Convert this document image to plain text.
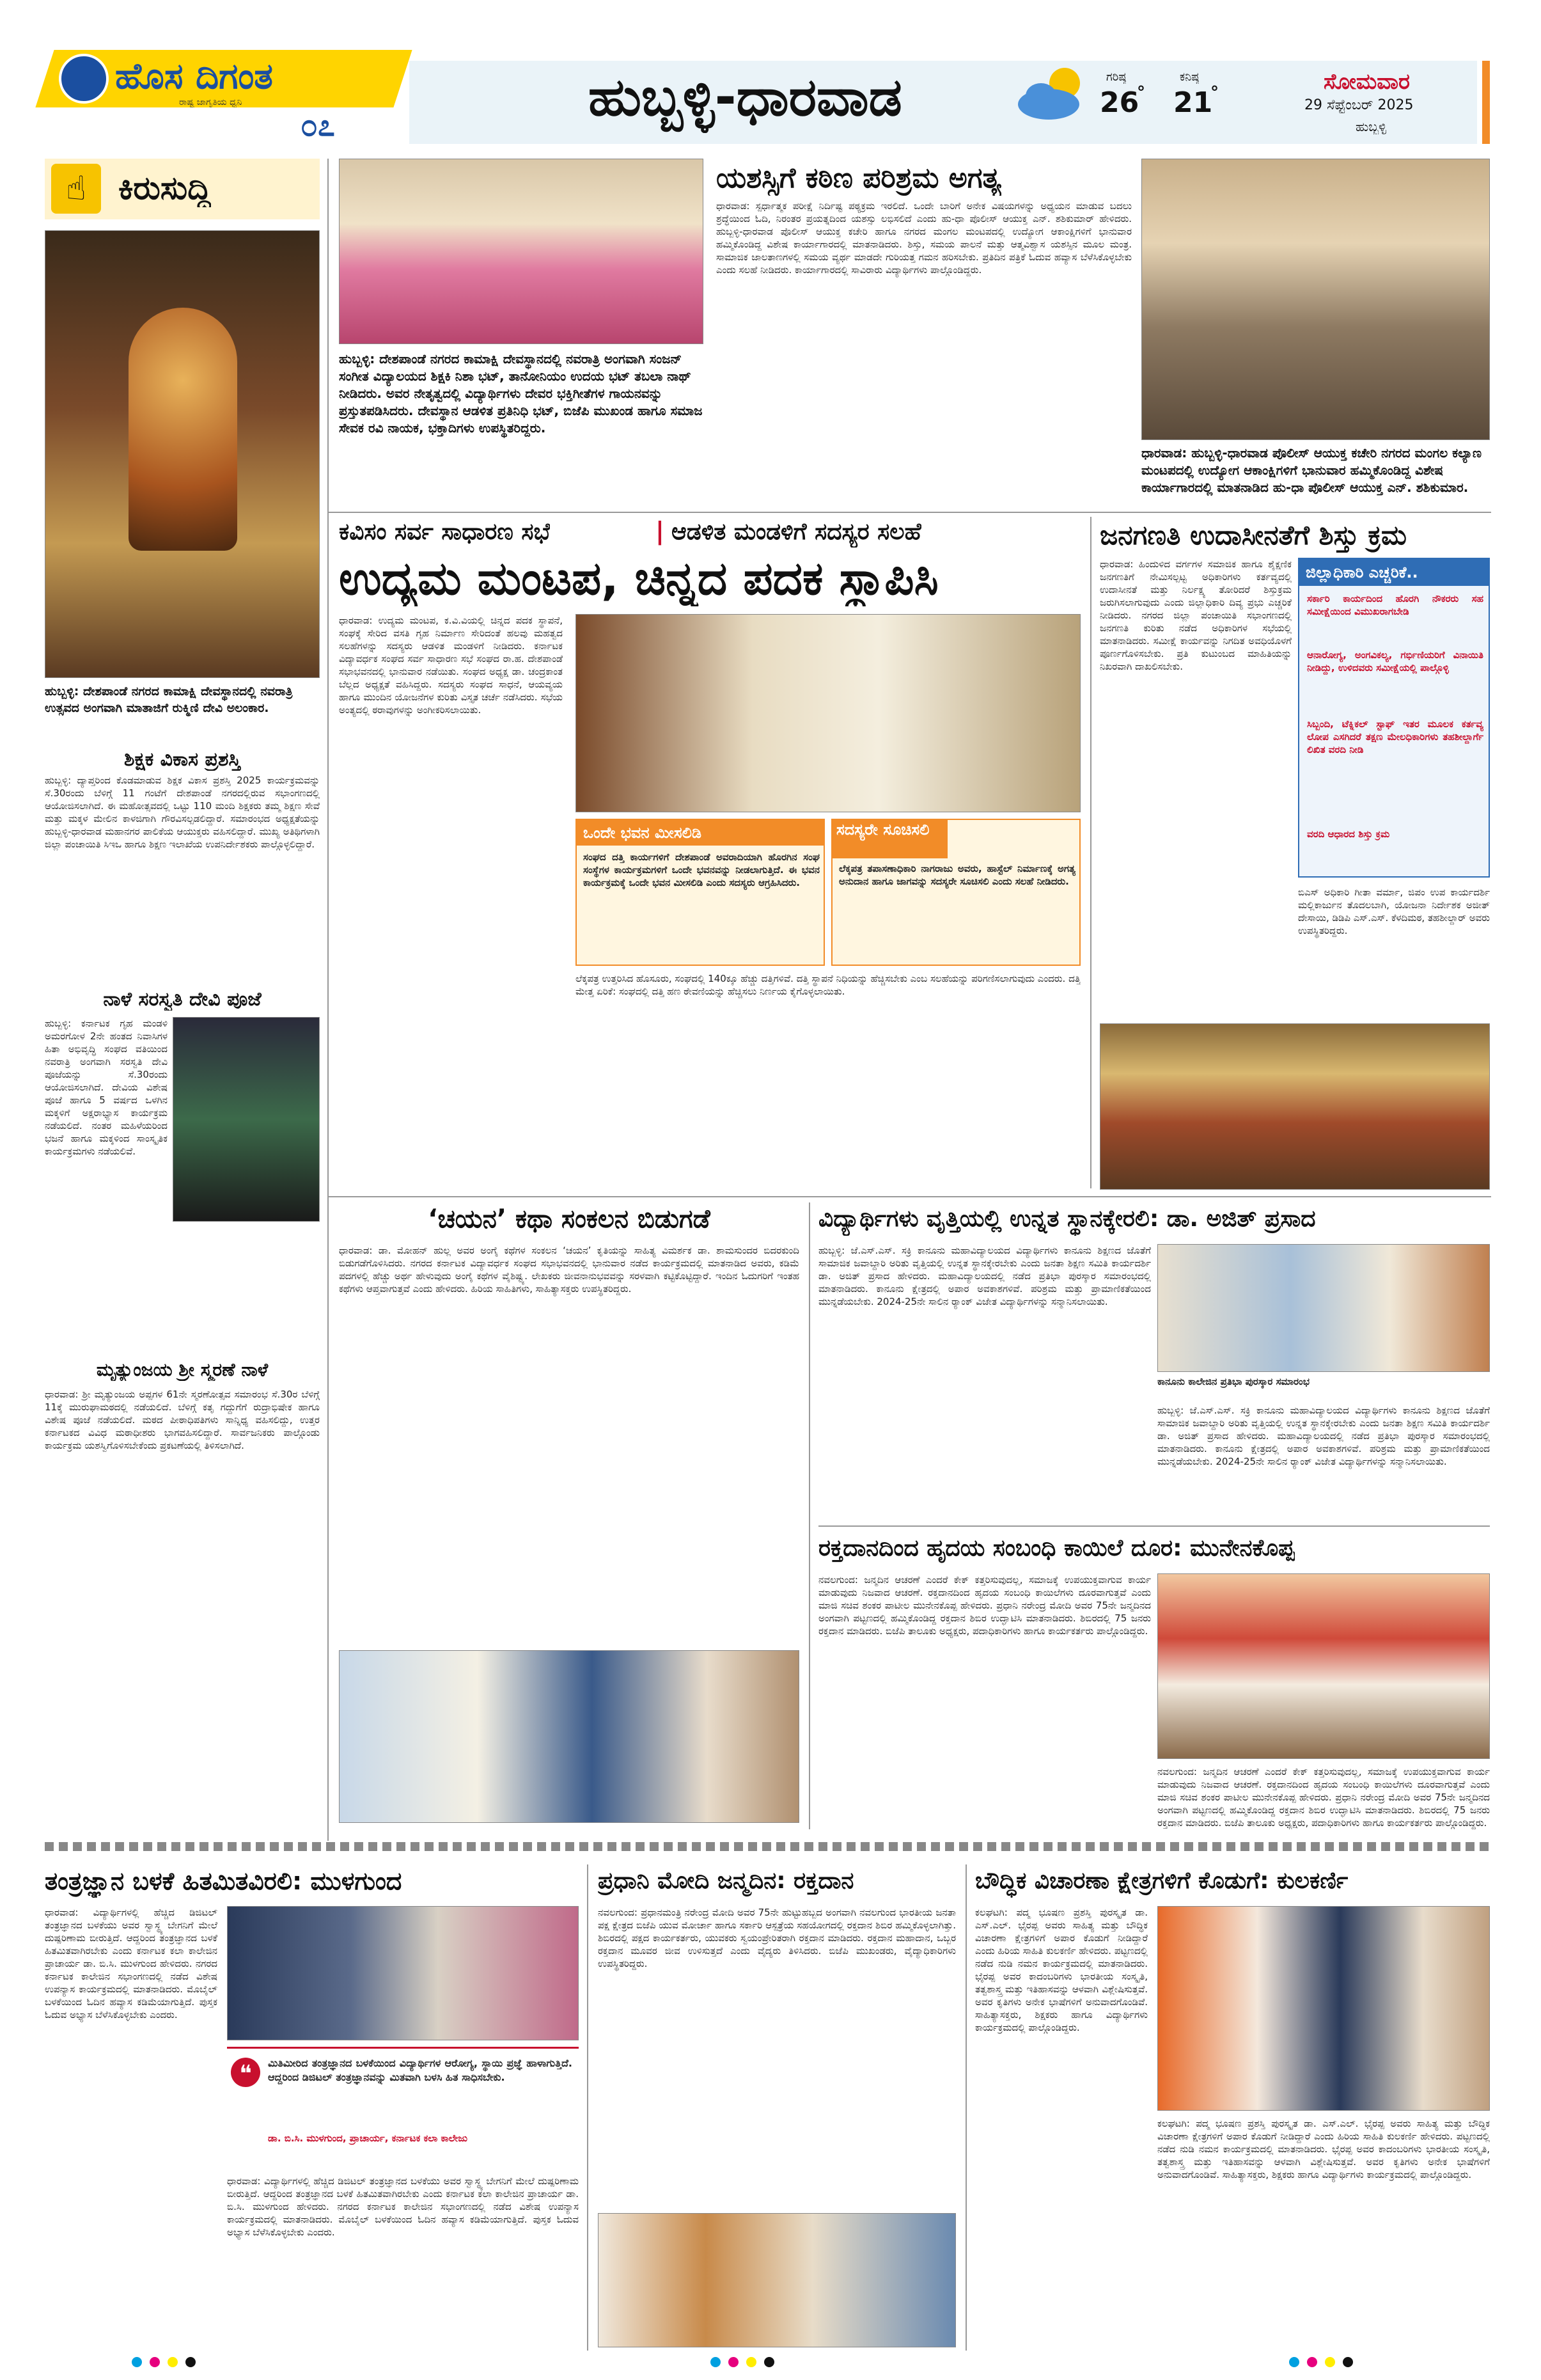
ಹೊಸ ದಿಗಂತ
ರಾಷ್ಟ್ರ ಜಾಗೃತಿಯ ಧ್ವನಿ
೦೭	ಹುಬ್ಬಳ್ಳಿ-ಧಾರವಾಡ	ಗರಿಷ್ಠ
26
°
ಕನಿಷ್ಠ
21
°	ಸೋಮವಾರ
29 ಸೆಪ್ಟೆಂಬರ್ 2025
ಹುಬ್ಬಳ್ಳಿ
☝	ಕಿರುಸುದ್ದಿ
ಹುಬ್ಬಳ್ಳಿ: ದೇಶಪಾಂಡೆ ನಗರದ ಕಾಮಾಕ್ಷಿ ದೇವಸ್ಥಾನದಲ್ಲಿ ನವರಾತ್ರಿ ಉತ್ಸವದ ಅಂಗವಾಗಿ ಮಾತಾಜಿಗೆ ರುಕ್ಮಿಣಿ ದೇವಿ ಅಲಂಕಾರ.
ಶಿಕ್ಷಕ ವಿಕಾಸ ಪ್ರಶಸ್ತಿ
ಹುಬ್ಬಳ್ಳಿ: ದ್ಯಾಪ್ತರಿಂದ ಕೊಡಮಾಡುವ ಶಿಕ್ಷಕ ವಿಕಾಸ ಪ್ರಶಸ್ತಿ 2025 ಕಾರ್ಯಕ್ರಮವನ್ನು ಸೆ.30ರಂದು ಬೆಳಿಗ್ಗೆ 11 ಗಂಟೆಗೆ ದೇಶಪಾಂಡೆ ನಗರದಲ್ಲಿರುವ ಸಭಾಂಗಣದಲ್ಲಿ ಆಯೋಜಿಸಲಾಗಿದೆ. ಈ ಮಹೋತ್ಸವದಲ್ಲಿ ಒಟ್ಟು 110 ಮಂದಿ ಶಿಕ್ಷಕರು ತಮ್ಮ ಶಿಕ್ಷಣ ಸೇವೆ ಮತ್ತು ಮಕ್ಕಳ ಮೇಲಿನ ಕಾಳಜಿಗಾಗಿ ಗೌರವಿಸಲ್ಪಡಲಿದ್ದಾರೆ. ಸಮಾರಂಭದ ಅಧ್ಯಕ್ಷತೆಯನ್ನು ಹುಬ್ಬಳ್ಳಿ-ಧಾರವಾಡ ಮಹಾನಗರ ಪಾಲಿಕೆಯ ಆಯುಕ್ತರು ವಹಿಸಲಿದ್ದಾರೆ. ಮುಖ್ಯ ಅತಿಥಿಗಳಾಗಿ ಜಿಲ್ಲಾ ಪಂಚಾಯಿತಿ ಸಿಇಒ ಹಾಗೂ ಶಿಕ್ಷಣ ಇಲಾಖೆಯ ಉಪನಿರ್ದೇಶಕರು ಪಾಲ್ಗೊಳ್ಳಲಿದ್ದಾರೆ.
ನಾಳೆ ಸರಸ್ವತಿ ದೇವಿ ಪೂಜೆ
ಹುಬ್ಬಳ್ಳಿ: ಕರ್ನಾಟಕ ಗೃಹ ಮಂಡಳಿ ಅಮರಗೋಳ 2ನೇ ಹಂತದ ನಿವಾಸಿಗಳ ಹಿತಾ ಅಭಿವೃದ್ಧಿ ಸಂಘದ ವತಿಯಿಂದ ನವರಾತ್ರಿ ಅಂಗವಾಗಿ ಸರಸ್ವತಿ ದೇವಿ ಪೂಜೆಯನ್ನು ಸೆ.30ರಂದು ಆಯೋಜಿಸಲಾಗಿದೆ. ದೇವಿಯ ವಿಶೇಷ ಪೂಜೆ ಹಾಗೂ 5 ವರ್ಷದ ಒಳಗಿನ ಮಕ್ಕಳಿಗೆ ಅಕ್ಷರಾಭ್ಯಾಸ ಕಾರ್ಯಕ್ರಮ ನಡೆಯಲಿದೆ. ನಂತರ ಮಹಿಳೆಯರಿಂದ ಭಜನೆ ಹಾಗೂ ಮಕ್ಕಳಿಂದ ಸಾಂಸ್ಕೃತಿಕ ಕಾರ್ಯಕ್ರಮಗಳು ನಡೆಯಲಿವೆ.
ಮೃತ್ಯುಂಜಯ ಶ್ರೀ ಸ್ಮರಣೆ ನಾಳೆ
ಧಾರವಾಡ: ಶ್ರೀ ಮೃತ್ಯುಂಜಯ ಅಪ್ಪಗಳ 61ನೇ ಸ್ಮರಣೋತ್ಸವ ಸಮಾರಂಭ ಸೆ.30ರ ಬೆಳಿಗ್ಗೆ 11ಕ್ಕೆ ಮುರುಘಾಮಠದಲ್ಲಿ ನಡೆಯಲಿದೆ. ಬೆಳಿಗ್ಗೆ ಕತೃ ಗದ್ದುಗೆಗೆ ರುದ್ರಾಭಿಷೇಕ ಹಾಗೂ ವಿಶೇಷ ಪೂಜೆ ನಡೆಯಲಿದೆ. ಮಠದ ಪೀಠಾಧಿಪತಿಗಳು ಸಾನ್ನಿಧ್ಯ ವಹಿಸಲಿದ್ದು, ಉತ್ತರ ಕರ್ನಾಟಕದ ವಿವಿಧ ಮಠಾಧೀಶರು ಭಾಗವಹಿಸಲಿದ್ದಾರೆ. ಸಾರ್ವಜನಿಕರು ಪಾಲ್ಗೊಂಡು ಕಾರ್ಯಕ್ರಮ ಯಶಸ್ವಿಗೊಳಿಸಬೇಕೆಂದು ಪ್ರಕಟಣೆಯಲ್ಲಿ ತಿಳಿಸಲಾಗಿದೆ.
ಹುಬ್ಬಳ್ಳಿ: ದೇಶಪಾಂಡೆ ನಗರದ ಕಾಮಾಕ್ಷಿ ದೇವಸ್ಥಾನದಲ್ಲಿ ನವರಾತ್ರಿ ಅಂಗವಾಗಿ ಸಂಜನ್ ಸಂಗೀತ ವಿದ್ಯಾಲಯದ ಶಿಕ್ಷಕಿ ನಿಶಾ ಭಟ್, ತಾನೋನಿಯಂ ಉದಯ ಭಟ್ ತಬಲಾ ನಾಥ್ ನೀಡಿದರು. ಅವರ ನೇತೃತ್ವದಲ್ಲಿ ವಿದ್ಯಾರ್ಥಿಗಳು ದೇವರ ಭಕ್ತಿಗೀತೆಗಳ ಗಾಯನವನ್ನು ಪ್ರಸ್ತುತಪಡಿಸಿದರು. ದೇವಸ್ಥಾನ ಆಡಳಿತ ಪ್ರತಿನಿಧಿ ಭಟ್, ಬಿಜೆಪಿ ಮುಖಂಡ ಹಾಗೂ ಸಮಾಜ ಸೇವಕ ರವಿ ನಾಯಕ, ಭಕ್ತಾದಿಗಳು ಉಪಸ್ಥಿತರಿದ್ದರು.
ಯಶಸ್ಸಿಗೆ ಕಠಿಣ ಪರಿಶ್ರಮ ಅಗತ್ಯ
ಧಾರವಾಡ: ಸ್ಪರ್ಧಾತ್ಮಕ ಪರೀಕ್ಷೆ ನಿರ್ದಿಷ್ಟ ಪಠ್ಯಕ್ರಮ ಇರಲಿದೆ. ಒಂದೇ ಬಾರಿಗೆ ಅನೇಕ ವಿಷಯಗಳನ್ನು ಅಧ್ಯಯನ ಮಾಡುವ ಬದಲು ಶ್ರದ್ಧೆಯಿಂದ ಓದಿ, ನಿರಂತರ ಪ್ರಯತ್ನದಿಂದ ಯಶಸ್ಸು ಲಭಿಸಲಿದೆ ಎಂದು ಹು-ಧಾ ಪೊಲೀಸ್ ಆಯುಕ್ತ ಎನ್. ಶಶಿಕುಮಾರ್ ಹೇಳಿದರು. ಹುಬ್ಬಳ್ಳಿ-ಧಾರವಾಡ ಪೊಲೀಸ್ ಆಯುಕ್ತ ಕಚೇರಿ ಹಾಗೂ ನಗರದ ಮಂಗಲ ಮಂಟಪದಲ್ಲಿ ಉದ್ಯೋಗ ಆಕಾಂಕ್ಷಿಗಳಿಗೆ ಭಾನುವಾರ ಹಮ್ಮಿಕೊಂಡಿದ್ದ ವಿಶೇಷ ಕಾರ್ಯಾಗಾರದಲ್ಲಿ ಮಾತನಾಡಿದರು. ಶಿಸ್ತು, ಸಮಯ ಪಾಲನೆ ಮತ್ತು ಆತ್ಮವಿಶ್ವಾಸ ಯಶಸ್ಸಿನ ಮೂಲ ಮಂತ್ರ. ಸಾಮಾಜಿಕ ಜಾಲತಾಣಗಳಲ್ಲಿ ಸಮಯ ವ್ಯರ್ಥ ಮಾಡದೇ ಗುರಿಯತ್ತ ಗಮನ ಹರಿಸಬೇಕು. ಪ್ರತಿದಿನ ಪತ್ರಿಕೆ ಓದುವ ಹವ್ಯಾಸ ಬೆಳೆಸಿಕೊಳ್ಳಬೇಕು ಎಂದು ಸಲಹೆ ನೀಡಿದರು. ಕಾರ್ಯಾಗಾರದಲ್ಲಿ ಸಾವಿರಾರು ವಿದ್ಯಾರ್ಥಿಗಳು ಪಾಲ್ಗೊಂಡಿದ್ದರು.
ಧಾರವಾಡ: ಹುಬ್ಬಳ್ಳಿ-ಧಾರವಾಡ ಪೊಲೀಸ್ ಆಯುಕ್ತ ಕಚೇರಿ ನಗರದ ಮಂಗಲ ಕಲ್ಯಾಣ ಮಂಟಪದಲ್ಲಿ ಉದ್ಯೋಗ ಆಕಾಂಕ್ಷಿಗಳಿಗೆ ಭಾನುವಾರ ಹಮ್ಮಿಕೊಂಡಿದ್ದ ವಿಶೇಷ ಕಾರ್ಯಾಗಾರದಲ್ಲಿ ಮಾತನಾಡಿದ ಹು-ಧಾ ಪೊಲೀಸ್ ಆಯುಕ್ತ ಎನ್. ಶಶಿಕುಮಾರ.
ಕವಿಸಂ ಸರ್ವ ಸಾಧಾರಣ ಸಭೆ	| ಆಡಳಿತ ಮಂಡಳಿಗೆ ಸದಸ್ಯರ ಸಲಹೆ
ಉದ್ಯಮ ಮಂಟಪ, ಚಿನ್ನದ ಪದಕ ಸ್ಥಾಪಿಸಿ
ಧಾರವಾಡ: ಉದ್ಯಮ ಮಂಟಪ, ಕ.ವಿ.ವಿಯಲ್ಲಿ ಚಿನ್ನದ ಪದಕ ಸ್ಥಾಪನೆ, ಸಂಘಕ್ಕೆ ಸೇರಿದ ವಸತಿ ಗೃಹ ನಿರ್ಮಾಣ ಸೇರಿದಂತೆ ಹಲವು ಮಹತ್ವದ ಸಲಹೆಗಳನ್ನು ಸದಸ್ಯರು ಆಡಳಿತ ಮಂಡಳಿಗೆ ನೀಡಿದರು. ಕರ್ನಾಟಕ ವಿದ್ಯಾವರ್ಧಕ ಸಂಘದ ಸರ್ವ ಸಾಧಾರಣ ಸಭೆ ಸಂಘದ ರಾ.ಹ. ದೇಶಪಾಂಡೆ ಸಭಾಭವನದಲ್ಲಿ ಭಾನುವಾರ ನಡೆಯಿತು. ಸಂಘದ ಅಧ್ಯಕ್ಷ ಡಾ. ಚಂದ್ರಕಾಂತ ಬೆಲ್ಲದ ಅಧ್ಯಕ್ಷತೆ ವಹಿಸಿದ್ದರು. ಸದಸ್ಯರು ಸಂಘದ ಸಾಧನೆ, ಆಯವ್ಯಯ ಹಾಗೂ ಮುಂದಿನ ಯೋಜನೆಗಳ ಕುರಿತು ವಿಸ್ತೃತ ಚರ್ಚೆ ನಡೆಸಿದರು. ಸಭೆಯ ಅಂತ್ಯದಲ್ಲಿ ಠರಾವುಗಳನ್ನು ಅಂಗೀಕರಿಸಲಾಯಿತು.
ಒಂದೇ ಭವನ ಮೀಸಲಿಡಿ
ಸಂಘದ ದತ್ತಿ ಕಾರ್ಯಗಳಿಗೆ ದೇಶಪಾಂಡೆ ಅವರಾದಿಯಾಗಿ ಹೊರಗಿನ ಸಂಘ ಸಂಸ್ಥೆಗಳ ಕಾರ್ಯಕ್ರಮಗಳಿಗೆ ಒಂದೇ ಭವನವನ್ನು ನೀಡಲಾಗುತ್ತಿದೆ. ಈ ಭವನ ಕಾರ್ಯಕ್ರಮಕ್ಕೆ ಒಂದೇ ಭವನ ಮೀಸಲಿಡಿ ಎಂದು ಸದಸ್ಯರು ಆಗ್ರಹಿಸಿದರು.
ಸದಸ್ಯರೇ ಸೂಚಿಸಲಿ
ಲೆಕ್ಕಪತ್ರ ತಪಾಸಣಾಧಿಕಾರಿ ನಾಗರಾಜು ಅವರು, ಹಾಸ್ಟೆಲ್ ನಿರ್ಮಾಣಕ್ಕೆ ಅಗತ್ಯ ಅನುದಾನ ಹಾಗೂ ಜಾಗವನ್ನು ಸದಸ್ಯರೇ ಸೂಚಿಸಲಿ ಎಂದು ಸಲಹೆ ನೀಡಿದರು.
ಲೆಕ್ಕಪತ್ರ ಉತ್ತರಿಸಿದ ಹೊಸೂರು, ಸಂಘದಲ್ಲಿ 140ಕ್ಕೂ ಹೆಚ್ಚು ದತ್ತಿಗಳಿವೆ. ದತ್ತಿ ಸ್ಥಾಪನೆ ನಿಧಿಯನ್ನು ಹೆಚ್ಚಿಸಬೇಕು ಎಂಬ ಸಲಹೆಯನ್ನು ಪರಿಗಣಿಸಲಾಗುವುದು ಎಂದರು. ದತ್ತಿ ಮೇತ್ತ ಏರಿಕೆ: ಸಂಘದಲ್ಲಿ ದತ್ತಿ ಹಣ ಠೇವಣಿಯನ್ನು ಹೆಚ್ಚಿಸಲು ನಿರ್ಣಯ ಕೈಗೊಳ್ಳಲಾಯಿತು.
ಜನಗಣತಿ ಉದಾಸೀನತೆಗೆ ಶಿಸ್ತು ಕ್ರಮ
ಧಾರವಾಡ: ಹಿಂದುಳಿದ ವರ್ಗಗಳ ಸಮಾಜಿಕ ಹಾಗೂ ಶೈಕ್ಷಣಿಕ ಜನಗಣತಿಗೆ ನೇಮಿಸಲ್ಪಟ್ಟ ಅಧಿಕಾರಿಗಳು ಕರ್ತವ್ಯದಲ್ಲಿ ಉದಾಸೀನತೆ ಮತ್ತು ನಿರ್ಲಕ್ಷ್ಯ ತೋರಿದರೆ ಶಿಸ್ತುಕ್ರಮ ಜರುಗಿಸಲಾಗುವುದು ಎಂದು ಜಿಲ್ಲಾಧಿಕಾರಿ ದಿವ್ಯ ಪ್ರಭು ಎಚ್ಚರಿಕೆ ನೀಡಿದರು. ನಗರದ ಜಿಲ್ಲಾ ಪಂಚಾಯಿತಿ ಸಭಾಂಗಣದಲ್ಲಿ ಜನಗಣತಿ ಕುರಿತು ನಡೆದ ಅಧಿಕಾರಿಗಳ ಸಭೆಯಲ್ಲಿ ಮಾತನಾಡಿದರು. ಸಮೀಕ್ಷೆ ಕಾರ್ಯವನ್ನು ನಿಗದಿತ ಅವಧಿಯೊಳಗೆ ಪೂರ್ಣಗೊಳಿಸಬೇಕು. ಪ್ರತಿ ಕುಟುಂಬದ ಮಾಹಿತಿಯನ್ನು ನಿಖರವಾಗಿ ದಾಖಲಿಸಬೇಕು.
ಜಿಲ್ಲಾಧಿಕಾರಿ ಎಚ್ಚರಿಕೆ..
ಸರ್ಕಾರಿ ಕಾರ್ಯದಿಂದ ಹೊರಗಿ ನೌಕರರು ಸಹ ಸಮೀಕ್ಷೆಯಿಂದ ವಿಮುಖರಾಗಬೇಡಿ
ಆನಾರೋಗ್ಯ, ಅಂಗವಿಕಲ್ಯ, ಗರ್ಭಿಣಿಯರಿಗೆ ವಿನಾಯಿತಿ ನೀಡಿದ್ದು, ಉಳಿದವರು ಸಮೀಕ್ಷೆಯಲ್ಲಿ ಪಾಲ್ಗೊಳ್ಳಿ
ಸಿಬ್ಬಂದಿ, ಟೆಕ್ನಿಕಲ್ ಸ್ಟಾಫ್ ಇತರ ಮೂಲಕ ಕರ್ತವ್ಯ ಲೋಪ ಎಸಗಿದರೆ ತಕ್ಷಣ ಮೇಲಧಿಕಾರಿಗಳು ತಹಶೀಲ್ದಾರ್ಗೆ ಲಿಖಿತ ವರದಿ ನೀಡಿ
ವರದಿ ಆಧಾರದ ಶಿಸ್ತು ಕ್ರಮ
ಬಿಎಸ್ ಅಧಿಕಾರಿ ಗೀತಾ ವರ್ಮಾ, ಜಿಪಂ ಉಪ ಕಾರ್ಯದರ್ಶಿ ಮಲ್ಲಿಕಾರ್ಜುನ ತೊದಲಬಾಗಿ, ಯೋಜನಾ ನಿರ್ದೇಶಕ ಅಜೀತ್ ದೇಸಾಯಿ, ಡಿಡಿಪಿ ಎಸ್.ಎಸ್. ಕೆಳದಿಮಠ, ತಹಶೀಲ್ದಾರ್ ಅವರು ಉಪಸ್ಥಿತರಿದ್ದರು.
‘ಚಯನ’ ಕಥಾ ಸಂಕಲನ ಬಿಡುಗಡೆ
ಧಾರವಾಡ: ಡಾ. ಮೋಹನ್ ಹುಲ್ಲ ಅವರ ಅಂಗೈ ಕಥೆಗಳ ಸಂಕಲನ ‘ಚಯನ’ ಕೃತಿಯನ್ನು ಸಾಹಿತ್ಯ ವಿಮರ್ಶಕ ಡಾ. ಶಾಮಸುಂದರ ಬಿದರಕುಂದಿ ಬಿಡುಗಡೆಗೊಳಿಸಿದರು. ನಗರದ ಕರ್ನಾಟಕ ವಿದ್ಯಾವರ್ಧಕ ಸಂಘದ ಸಭಾಭವನದಲ್ಲಿ ಭಾನುವಾರ ನಡೆದ ಕಾರ್ಯಕ್ರಮದಲ್ಲಿ ಮಾತನಾಡಿದ ಅವರು, ಕಡಿಮೆ ಪದಗಳಲ್ಲಿ ಹೆಚ್ಚು ಅರ್ಥ ಹೇಳುವುದು ಅಂಗೈ ಕಥೆಗಳ ವೈಶಿಷ್ಟ್ಯ. ಲೇಖಕರು ಜೀವನಾನುಭವವನ್ನು ಸರಳವಾಗಿ ಕಟ್ಟಿಕೊಟ್ಟಿದ್ದಾರೆ. ಇಂದಿನ ಓದುಗರಿಗೆ ಇಂತಹ ಕಥೆಗಳು ಆಪ್ತವಾಗುತ್ತವೆ ಎಂದು ಹೇಳಿದರು. ಹಿರಿಯ ಸಾಹಿತಿಗಳು, ಸಾಹಿತ್ಯಾಸಕ್ತರು ಉಪಸ್ಥಿತರಿದ್ದರು.
ವಿದ್ಯಾರ್ಥಿಗಳು ವೃತ್ತಿಯಲ್ಲಿ ಉನ್ನತ ಸ್ಥಾನಕ್ಕೇರಲಿ: ಡಾ. ಅಜಿತ್ ಪ್ರಸಾದ
ಹುಬ್ಬಳ್ಳಿ: ಜೆ.ಎಸ್.ಎಸ್. ಸಕ್ರಿ ಕಾನೂನು ಮಹಾವಿದ್ಯಾಲಯದ ವಿದ್ಯಾರ್ಥಿಗಳು ಕಾನೂನು ಶಿಕ್ಷಣದ ಜೊತೆಗೆ ಸಾಮಾಜಿಕ ಜವಾಬ್ದಾರಿ ಅರಿತು ವೃತ್ತಿಯಲ್ಲಿ ಉನ್ನತ ಸ್ಥಾನಕ್ಕೇರಬೇಕು ಎಂದು ಜನತಾ ಶಿಕ್ಷಣ ಸಮಿತಿ ಕಾರ್ಯದರ್ಶಿ ಡಾ. ಅಜಿತ್ ಪ್ರಸಾದ ಹೇಳಿದರು. ಮಹಾವಿದ್ಯಾಲಯದಲ್ಲಿ ನಡೆದ ಪ್ರತಿಭಾ ಪುರಸ್ಕಾರ ಸಮಾರಂಭದಲ್ಲಿ ಮಾತನಾಡಿದರು. ಕಾನೂನು ಕ್ಷೇತ್ರದಲ್ಲಿ ಅಪಾರ ಅವಕಾಶಗಳಿವೆ. ಪರಿಶ್ರಮ ಮತ್ತು ಪ್ರಾಮಾಣಿಕತೆಯಿಂದ ಮುನ್ನಡೆಯಬೇಕು. 2024-25ನೇ ಸಾಲಿನ ರ್‍ಯಾಂಕ್ ವಿಜೇತ ವಿದ್ಯಾರ್ಥಿಗಳನ್ನು ಸನ್ಮಾನಿಸಲಾಯಿತು.
ಕಾನೂನು ಕಾಲೇಜಿನ ಪ್ರತಿಭಾ ಪುರಸ್ಕಾರ ಸಮಾರಂಭ
ಹುಬ್ಬಳ್ಳಿ: ಜೆ.ಎಸ್.ಎಸ್. ಸಕ್ರಿ ಕಾನೂನು ಮಹಾವಿದ್ಯಾಲಯದ ವಿದ್ಯಾರ್ಥಿಗಳು ಕಾನೂನು ಶಿಕ್ಷಣದ ಜೊತೆಗೆ ಸಾಮಾಜಿಕ ಜವಾಬ್ದಾರಿ ಅರಿತು ವೃತ್ತಿಯಲ್ಲಿ ಉನ್ನತ ಸ್ಥಾನಕ್ಕೇರಬೇಕು ಎಂದು ಜನತಾ ಶಿಕ್ಷಣ ಸಮಿತಿ ಕಾರ್ಯದರ್ಶಿ ಡಾ. ಅಜಿತ್ ಪ್ರಸಾದ ಹೇಳಿದರು. ಮಹಾವಿದ್ಯಾಲಯದಲ್ಲಿ ನಡೆದ ಪ್ರತಿಭಾ ಪುರಸ್ಕಾರ ಸಮಾರಂಭದಲ್ಲಿ ಮಾತನಾಡಿದರು. ಕಾನೂನು ಕ್ಷೇತ್ರದಲ್ಲಿ ಅಪಾರ ಅವಕಾಶಗಳಿವೆ. ಪರಿಶ್ರಮ ಮತ್ತು ಪ್ರಾಮಾಣಿಕತೆಯಿಂದ ಮುನ್ನಡೆಯಬೇಕು. 2024-25ನೇ ಸಾಲಿನ ರ್‍ಯಾಂಕ್ ವಿಜೇತ ವಿದ್ಯಾರ್ಥಿಗಳನ್ನು ಸನ್ಮಾನಿಸಲಾಯಿತು.
ರಕ್ತದಾನದಿಂದ ಹೃದಯ ಸಂಬಂಧಿ ಕಾಯಿಲೆ ದೂರ: ಮುನೇನಕೊಪ್ಪ
ನವಲಗುಂದ: ಜನ್ಮದಿನ ಆಚರಣೆ ಎಂದರೆ ಕೇಕ್ ಕತ್ತರಿಸುವುದಲ್ಲ, ಸಮಾಜಕ್ಕೆ ಉಪಯುಕ್ತವಾಗುವ ಕಾರ್ಯ ಮಾಡುವುದು ನಿಜವಾದ ಆಚರಣೆ. ರಕ್ತದಾನದಿಂದ ಹೃದಯ ಸಂಬಂಧಿ ಕಾಯಿಲೆಗಳು ದೂರವಾಗುತ್ತವೆ ಎಂದು ಮಾಜಿ ಸಚಿವ ಶಂಕರ ಪಾಟೀಲ ಮುನೇನಕೊಪ್ಪ ಹೇಳಿದರು. ಪ್ರಧಾನಿ ನರೇಂದ್ರ ಮೋದಿ ಅವರ 75ನೇ ಜನ್ಮದಿನದ ಅಂಗವಾಗಿ ಪಟ್ಟಣದಲ್ಲಿ ಹಮ್ಮಿಕೊಂಡಿದ್ದ ರಕ್ತದಾನ ಶಿಬಿರ ಉದ್ಘಾಟಿಸಿ ಮಾತನಾಡಿದರು. ಶಿಬಿರದಲ್ಲಿ 75 ಜನರು ರಕ್ತದಾನ ಮಾಡಿದರು. ಬಿಜೆಪಿ ತಾಲೂಕು ಅಧ್ಯಕ್ಷರು, ಪದಾಧಿಕಾರಿಗಳು ಹಾಗೂ ಕಾರ್ಯಕರ್ತರು ಪಾಲ್ಗೊಂಡಿದ್ದರು.
ನವಲಗುಂದ: ಜನ್ಮದಿನ ಆಚರಣೆ ಎಂದರೆ ಕೇಕ್ ಕತ್ತರಿಸುವುದಲ್ಲ, ಸಮಾಜಕ್ಕೆ ಉಪಯುಕ್ತವಾಗುವ ಕಾರ್ಯ ಮಾಡುವುದು ನಿಜವಾದ ಆಚರಣೆ. ರಕ್ತದಾನದಿಂದ ಹೃದಯ ಸಂಬಂಧಿ ಕಾಯಿಲೆಗಳು ದೂರವಾಗುತ್ತವೆ ಎಂದು ಮಾಜಿ ಸಚಿವ ಶಂಕರ ಪಾಟೀಲ ಮುನೇನಕೊಪ್ಪ ಹೇಳಿದರು. ಪ್ರಧಾನಿ ನರೇಂದ್ರ ಮೋದಿ ಅವರ 75ನೇ ಜನ್ಮದಿನದ ಅಂಗವಾಗಿ ಪಟ್ಟಣದಲ್ಲಿ ಹಮ್ಮಿಕೊಂಡಿದ್ದ ರಕ್ತದಾನ ಶಿಬಿರ ಉದ್ಘಾಟಿಸಿ ಮಾತನಾಡಿದರು. ಶಿಬಿರದಲ್ಲಿ 75 ಜನರು ರಕ್ತದಾನ ಮಾಡಿದರು. ಬಿಜೆಪಿ ತಾಲೂಕು ಅಧ್ಯಕ್ಷರು, ಪದಾಧಿಕಾರಿಗಳು ಹಾಗೂ ಕಾರ್ಯಕರ್ತರು ಪಾಲ್ಗೊಂಡಿದ್ದರು.
ತಂತ್ರಜ್ಞಾನ ಬಳಕೆ ಹಿತಮಿತವಿರಲಿ: ಮುಳಗುಂದ
ಧಾರವಾಡ: ವಿದ್ಯಾರ್ಥಿಗಳಲ್ಲಿ ಹೆಚ್ಚಿದ ಡಿಜಿಟಲ್ ತಂತ್ರಜ್ಞಾನದ ಬಳಕೆಯು ಅವರ ಸ್ವಾಸ್ಥ್ಯ ಬೇಗನಿಗೆ ಮೇಲೆ ದುಷ್ಪರಿಣಾಮ ಬೀರುತ್ತಿದೆ. ಆದ್ದರಿಂದ ತಂತ್ರಜ್ಞಾನದ ಬಳಕೆ ಹಿತಮಿತವಾಗಿರಬೇಕು ಎಂದು ಕರ್ನಾಟಕ ಕಲಾ ಕಾಲೇಜಿನ ಪ್ರಾಚಾರ್ಯ ಡಾ. ಬಿ.ಸಿ. ಮುಳಗುಂದ ಹೇಳಿದರು. ನಗರದ ಕರ್ನಾಟಕ ಕಾಲೇಜಿನ ಸಭಾಂಗಣದಲ್ಲಿ ನಡೆದ ವಿಶೇಷ ಉಪನ್ಯಾಸ ಕಾರ್ಯಕ್ರಮದಲ್ಲಿ ಮಾತನಾಡಿದರು. ಮೊಬೈಲ್ ಬಳಕೆಯಿಂದ ಓದಿನ ಹವ್ಯಾಸ ಕಡಿಮೆಯಾಗುತ್ತಿದೆ. ಪುಸ್ತಕ ಓದುವ ಅಭ್ಯಾಸ ಬೆಳೆಸಿಕೊಳ್ಳಬೇಕು ಎಂದರು.
❝	ಮಿತಿಮೀರಿದ ತಂತ್ರಜ್ಞಾನದ ಬಳಕೆಯಿಂದ ವಿದ್ಯಾರ್ಥಿಗಳ ಆರೋಗ್ಯ, ಸ್ಥಾಯಿ ಪ್ರಜ್ಞೆ ಹಾಳಾಗುತ್ತಿದೆ. ಆದ್ದರಿಂದ ಡಿಜಿಟಲ್ ತಂತ್ರಜ್ಞಾನವನ್ನು ಮಿತವಾಗಿ ಬಳಸಿ ಹಿತ ಸಾಧಿಸಬೇಕು.
ಡಾ. ಬಿ.ಸಿ. ಮುಳಗುಂದ, ಪ್ರಾಚಾರ್ಯ, ಕರ್ನಾಟಕ ಕಲಾ ಕಾಲೇಜು
ಧಾರವಾಡ: ವಿದ್ಯಾರ್ಥಿಗಳಲ್ಲಿ ಹೆಚ್ಚಿದ ಡಿಜಿಟಲ್ ತಂತ್ರಜ್ಞಾನದ ಬಳಕೆಯು ಅವರ ಸ್ವಾಸ್ಥ್ಯ ಬೇಗನಿಗೆ ಮೇಲೆ ದುಷ್ಪರಿಣಾಮ ಬೀರುತ್ತಿದೆ. ಆದ್ದರಿಂದ ತಂತ್ರಜ್ಞಾನದ ಬಳಕೆ ಹಿತಮಿತವಾಗಿರಬೇಕು ಎಂದು ಕರ್ನಾಟಕ ಕಲಾ ಕಾಲೇಜಿನ ಪ್ರಾಚಾರ್ಯ ಡಾ. ಬಿ.ಸಿ. ಮುಳಗುಂದ ಹೇಳಿದರು. ನಗರದ ಕರ್ನಾಟಕ ಕಾಲೇಜಿನ ಸಭಾಂಗಣದಲ್ಲಿ ನಡೆದ ವಿಶೇಷ ಉಪನ್ಯಾಸ ಕಾರ್ಯಕ್ರಮದಲ್ಲಿ ಮಾತನಾಡಿದರು. ಮೊಬೈಲ್ ಬಳಕೆಯಿಂದ ಓದಿನ ಹವ್ಯಾಸ ಕಡಿಮೆಯಾಗುತ್ತಿದೆ. ಪುಸ್ತಕ ಓದುವ ಅಭ್ಯಾಸ ಬೆಳೆಸಿಕೊಳ್ಳಬೇಕು ಎಂದರು.
ಪ್ರಧಾನಿ ಮೋದಿ ಜನ್ಮದಿನ: ರಕ್ತದಾನ
ನವಲಗುಂದ: ಪ್ರಧಾನಮಂತ್ರಿ ನರೇಂದ್ರ ಮೋದಿ ಅವರ 75ನೇ ಹುಟ್ಟುಹಬ್ಬದ ಅಂಗವಾಗಿ ನವಲಗುಂದ ಭಾರತೀಯ ಜನತಾ ಪಕ್ಷ ಕ್ಷೇತ್ರದ ಬಿಜೆಪಿ ಯುವ ಮೋರ್ಚಾ ಹಾಗೂ ಸರ್ಕಾರಿ ಆಸ್ಪತ್ರೆಯ ಸಹಯೋಗದಲ್ಲಿ ರಕ್ತದಾನ ಶಿಬಿರ ಹಮ್ಮಿಕೊಳ್ಳಲಾಗಿತ್ತು. ಶಿಬಿರದಲ್ಲಿ ಪಕ್ಷದ ಕಾರ್ಯಕರ್ತರು, ಯುವಕರು ಸ್ವಯಂಪ್ರೇರಿತರಾಗಿ ರಕ್ತದಾನ ಮಾಡಿದರು. ರಕ್ತದಾನ ಮಹಾದಾನ, ಒಬ್ಬರ ರಕ್ತದಾನ ಮೂವರ ಜೀವ ಉಳಿಸುತ್ತದೆ ಎಂದು ವೈದ್ಯರು ತಿಳಿಸಿದರು. ಬಿಜೆಪಿ ಮುಖಂಡರು, ವೈದ್ಯಾಧಿಕಾರಿಗಳು ಉಪಸ್ಥಿತರಿದ್ದರು.
ಬೌದ್ಧಿಕ ವಿಚಾರಣಾ ಕ್ಷೇತ್ರಗಳಿಗೆ ಕೊಡುಗೆ: ಕುಲಕರ್ಣಿ
ಕಲಘಟಗಿ: ಪದ್ಮ ಭೂಷಣ ಪ್ರಶಸ್ತಿ ಪುರಸ್ಕೃತ ಡಾ. ಎಸ್.ಎಲ್. ಭೈರಪ್ಪ ಅವರು ಸಾಹಿತ್ಯ ಮತ್ತು ಬೌದ್ಧಿಕ ವಿಚಾರಣಾ ಕ್ಷೇತ್ರಗಳಿಗೆ ಅಪಾರ ಕೊಡುಗೆ ನೀಡಿದ್ದಾರೆ ಎಂದು ಹಿರಿಯ ಸಾಹಿತಿ ಕುಲಕರ್ಣಿ ಹೇಳಿದರು. ಪಟ್ಟಣದಲ್ಲಿ ನಡೆದ ನುಡಿ ನಮನ ಕಾರ್ಯಕ್ರಮದಲ್ಲಿ ಮಾತನಾಡಿದರು. ಭೈರಪ್ಪ ಅವರ ಕಾದಂಬರಿಗಳು ಭಾರತೀಯ ಸಂಸ್ಕೃತಿ, ತತ್ವಶಾಸ್ತ್ರ ಮತ್ತು ಇತಿಹಾಸವನ್ನು ಆಳವಾಗಿ ವಿಶ್ಲೇಷಿಸುತ್ತವೆ. ಅವರ ಕೃತಿಗಳು ಅನೇಕ ಭಾಷೆಗಳಿಗೆ ಅನುವಾದಗೊಂಡಿವೆ. ಸಾಹಿತ್ಯಾಸಕ್ತರು, ಶಿಕ್ಷಕರು ಹಾಗೂ ವಿದ್ಯಾರ್ಥಿಗಳು ಕಾರ್ಯಕ್ರಮದಲ್ಲಿ ಪಾಲ್ಗೊಂಡಿದ್ದರು.
ಕಲಘಟಗಿ: ಪದ್ಮ ಭೂಷಣ ಪ್ರಶಸ್ತಿ ಪುರಸ್ಕೃತ ಡಾ. ಎಸ್.ಎಲ್. ಭೈರಪ್ಪ ಅವರು ಸಾಹಿತ್ಯ ಮತ್ತು ಬೌದ್ಧಿಕ ವಿಚಾರಣಾ ಕ್ಷೇತ್ರಗಳಿಗೆ ಅಪಾರ ಕೊಡುಗೆ ನೀಡಿದ್ದಾರೆ ಎಂದು ಹಿರಿಯ ಸಾಹಿತಿ ಕುಲಕರ್ಣಿ ಹೇಳಿದರು. ಪಟ್ಟಣದಲ್ಲಿ ನಡೆದ ನುಡಿ ನಮನ ಕಾರ್ಯಕ್ರಮದಲ್ಲಿ ಮಾತನಾಡಿದರು. ಭೈರಪ್ಪ ಅವರ ಕಾದಂಬರಿಗಳು ಭಾರತೀಯ ಸಂಸ್ಕೃತಿ, ತತ್ವಶಾಸ್ತ್ರ ಮತ್ತು ಇತಿಹಾಸವನ್ನು ಆಳವಾಗಿ ವಿಶ್ಲೇಷಿಸುತ್ತವೆ. ಅವರ ಕೃತಿಗಳು ಅನೇಕ ಭಾಷೆಗಳಿಗೆ ಅನುವಾದಗೊಂಡಿವೆ. ಸಾಹಿತ್ಯಾಸಕ್ತರು, ಶಿಕ್ಷಕರು ಹಾಗೂ ವಿದ್ಯಾರ್ಥಿಗಳು ಕಾರ್ಯಕ್ರಮದಲ್ಲಿ ಪಾಲ್ಗೊಂಡಿದ್ದರು.
